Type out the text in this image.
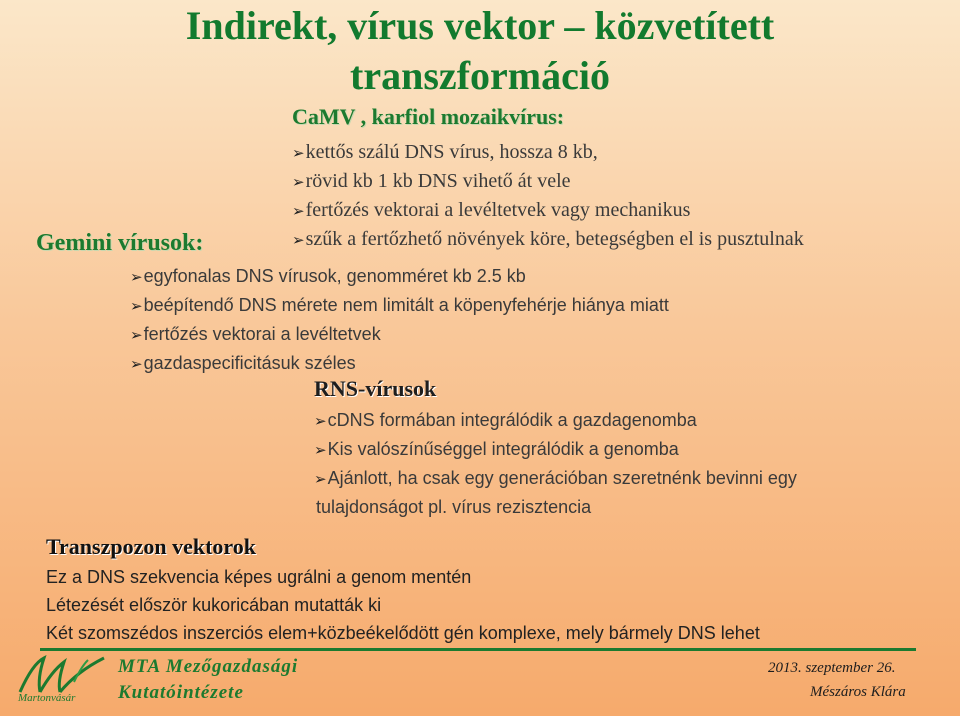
Indirekt, vírus vektor – közvetített
transzformáció
CaMV , karfiol mozaikvírus:
➢kettős szálú DNS vírus, hossza 8 kb,
➢rövid kb 1 kb DNS vihető át vele
➢fertőzés vektorai a levéltetvek vagy mechanikus
➢szűk a fertőzhető növények köre, betegségben el is pusztulnak
Gemini vírusok:
➢egyfonalas DNS vírusok, genomméret kb 2.5 kb
➢beépítendő DNS mérete nem limitált a köpenyfehérje hiánya miatt
➢fertőzés vektorai a levéltetvek
➢gazdaspecificitásuk széles
RNS-vírusok
➢cDNS formában integrálódik a gazdagenomba
➢Kis valószínűséggel integrálódik a genomba
➢Ajánlott, ha csak egy generációban szeretnénk bevinni egy
tulajdonságot pl. vírus rezisztencia
Transzpozon vektorok
Ez a DNS szekvencia képes ugrálni a genom mentén
Létezését először kukoricában mutatták ki
Két szomszédos inszerciós elem+közbeékelődött gén komplexe, mely bármely DNS lehet
Martonvásár
MTA Mezőgazdasági
Kutatóintézete
2013. szeptember 26.
Mészáros Klára
